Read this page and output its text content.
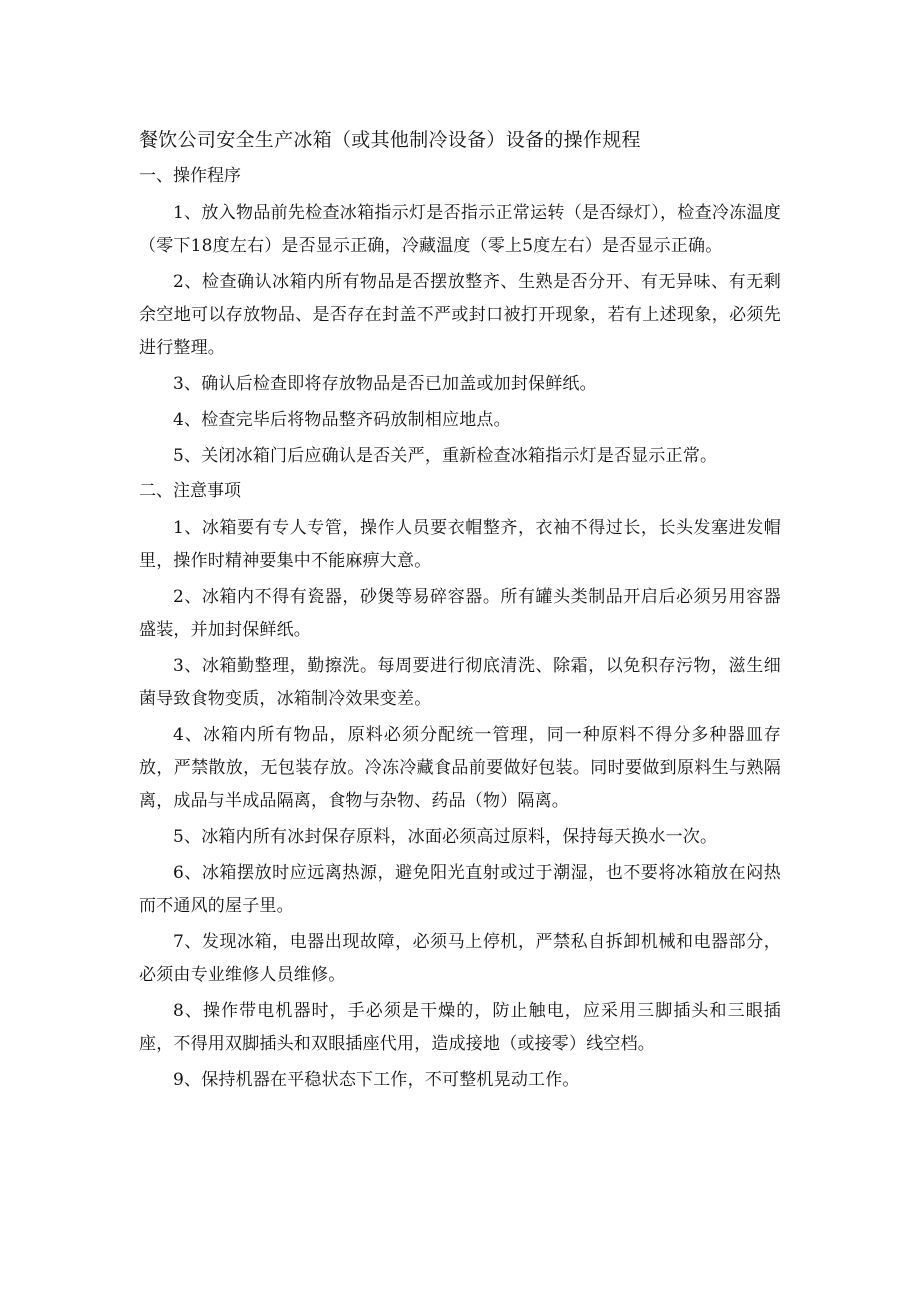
餐饮公司安全生产冰箱（或其他制冷设备）设备的操作规程
一、操作程序

1、放入物品前先检查冰箱指示灯是否指示正常运转（是否绿灯），检查冷冻温度（零下18度左右）是否显示正确，冷藏温度（零上5度左右）是否显示正确。

2、检查确认冰箱内所有物品是否摆放整齐、生熟是否分开、有无异味、有无剩余空地可以存放物品、是否存在封盖不严或封口被打开现象，若有上述现象，必须先进行整理。

3、确认后检查即将存放物品是否已加盖或加封保鲜纸。

4、检查完毕后将物品整齐码放制相应地点。

5、关闭冰箱门后应确认是否关严，重新检查冰箱指示灯是否显示正常。

二、注意事项

1、冰箱要有专人专管，操作人员要衣帽整齐，衣袖不得过长，长头发塞进发帽里，操作时精神要集中不能麻痹大意。

2、冰箱内不得有瓷器，砂煲等易碎容器。所有罐头类制品开启后必须另用容器盛装，并加封保鲜纸。

3、冰箱勤整理，勤擦洗。每周要进行彻底清洗、除霜，以免积存污物，滋生细菌导致食物变质，冰箱制冷效果变差。

4、冰箱内所有物品，原料必须分配统一管理，同一种原料不得分多种器皿存放，严禁散放，无包装存放。冷冻冷藏食品前要做好包装。同时要做到原料生与熟隔离，成品与半成品隔离，食物与杂物、药品（物）隔离。

5、冰箱内所有冰封保存原料，冰面必须高过原料，保持每天换水一次。

6、冰箱摆放时应远离热源，避免阳光直射或过于潮湿，也不要将冰箱放在闷热而不通风的屋子里。

7、发现冰箱，电器出现故障，必须马上停机，严禁私自拆卸机械和电器部分，必须由专业维修人员维修。

8、操作带电机器时，手必须是干燥的，防止触电，应采用三脚插头和三眼插座，不得用双脚插头和双眼插座代用，造成接地（或接零）线空档。

9、保持机器在平稳状态下工作，不可整机晃动工作。
